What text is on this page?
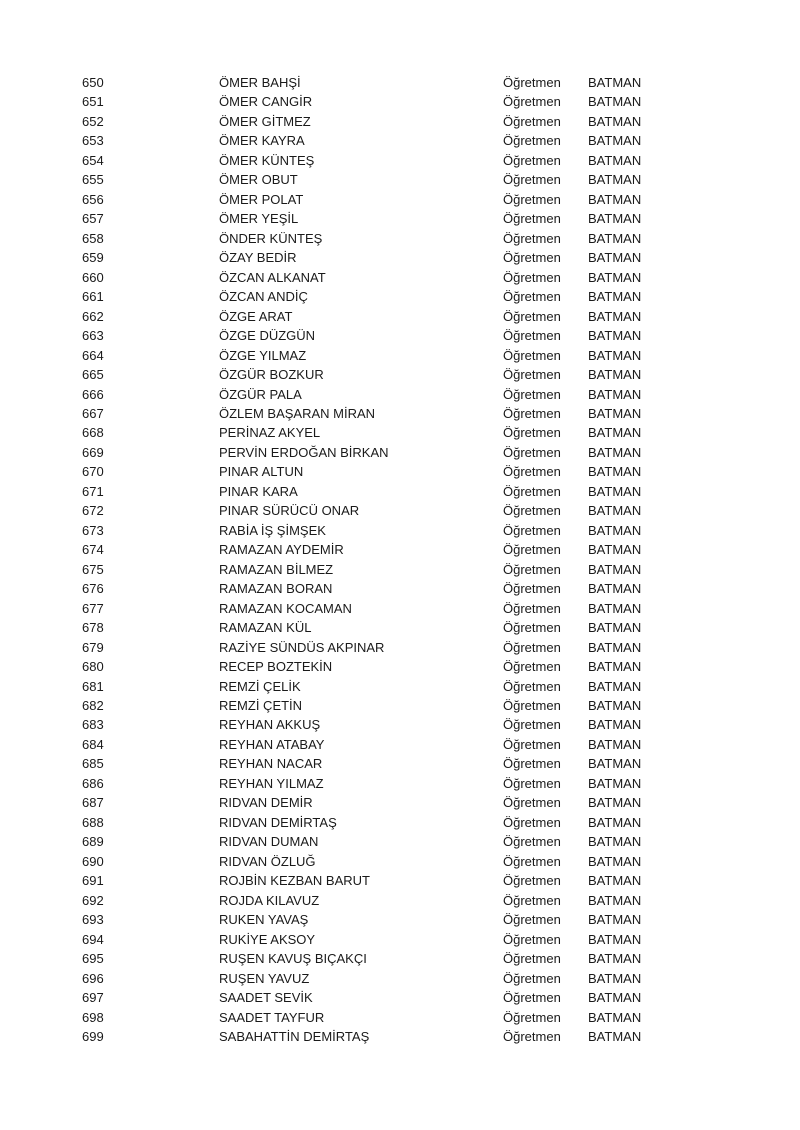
650	ÖMER BAHŞİ	Öğretmen BATMAN
651	ÖMER CANGİR	Öğretmen BATMAN
652	ÖMER GİTMEZ	Öğretmen BATMAN
653	ÖMER KAYRA	Öğretmen BATMAN
654	ÖMER KÜNTEŞ	Öğretmen BATMAN
655	ÖMER OBUT	Öğretmen BATMAN
656	ÖMER POLAT	Öğretmen BATMAN
657	ÖMER YEŞİL	Öğretmen BATMAN
658	ÖNDER KÜNTEŞ	Öğretmen BATMAN
659	ÖZAY BEDİR	Öğretmen BATMAN
660	ÖZCAN ALKANAT	Öğretmen BATMAN
661	ÖZCAN ANDİÇ	Öğretmen BATMAN
662	ÖZGE ARAT	Öğretmen BATMAN
663	ÖZGE DÜZGÜN	Öğretmen BATMAN
664	ÖZGE YILMAZ	Öğretmen BATMAN
665	ÖZGÜR BOZKUR	Öğretmen BATMAN
666	ÖZGÜR PALA	Öğretmen BATMAN
667	ÖZLEM BAŞARAN MİRAN	Öğretmen BATMAN
668	PERİNAZ AKYEL	Öğretmen BATMAN
669	PERVİN ERDOĞAN BİRKAN	Öğretmen BATMAN
670	PINAR ALTUN	Öğretmen BATMAN
671	PINAR KARA	Öğretmen BATMAN
672	PINAR SÜRÜCÜ ONAR	Öğretmen BATMAN
673	RABİA İŞ ŞİMŞEK	Öğretmen BATMAN
674	RAMAZAN AYDEMİR	Öğretmen BATMAN
675	RAMAZAN BİLMEZ	Öğretmen BATMAN
676	RAMAZAN BORAN	Öğretmen BATMAN
677	RAMAZAN KOCAMAN	Öğretmen BATMAN
678	RAMAZAN KÜL	Öğretmen BATMAN
679	RAZİYE SÜNDÜS AKPINAR	Öğretmen BATMAN
680	RECEP BOZTEKİN	Öğretmen BATMAN
681	REMZİ ÇELİK	Öğretmen BATMAN
682	REMZİ ÇETİN	Öğretmen BATMAN
683	REYHAN AKKUŞ	Öğretmen BATMAN
684	REYHAN ATABAY	Öğretmen BATMAN
685	REYHAN NACAR	Öğretmen BATMAN
686	REYHAN YILMAZ	Öğretmen BATMAN
687	RIDVAN DEMİR	Öğretmen BATMAN
688	RIDVAN DEMİRTAŞ	Öğretmen BATMAN
689	RIDVAN DUMAN	Öğretmen BATMAN
690	RIDVAN ÖZLUĞ	Öğretmen BATMAN
691	ROJBİN KEZBAN BARUT	Öğretmen BATMAN
692	ROJDA KILAVUZ	Öğretmen BATMAN
693	RUKEN YAVAŞ	Öğretmen BATMAN
694	RUKİYE AKSOY	Öğretmen BATMAN
695	RUŞEN KAVUŞ BIÇAKÇI	Öğretmen BATMAN
696	RUŞEN YAVUZ	Öğretmen BATMAN
697	SAADET SEVİK	Öğretmen BATMAN
698	SAADET TAYFUR	Öğretmen BATMAN
699	SABAHATTİN DEMİRTAŞ	Öğretmen BATMAN
